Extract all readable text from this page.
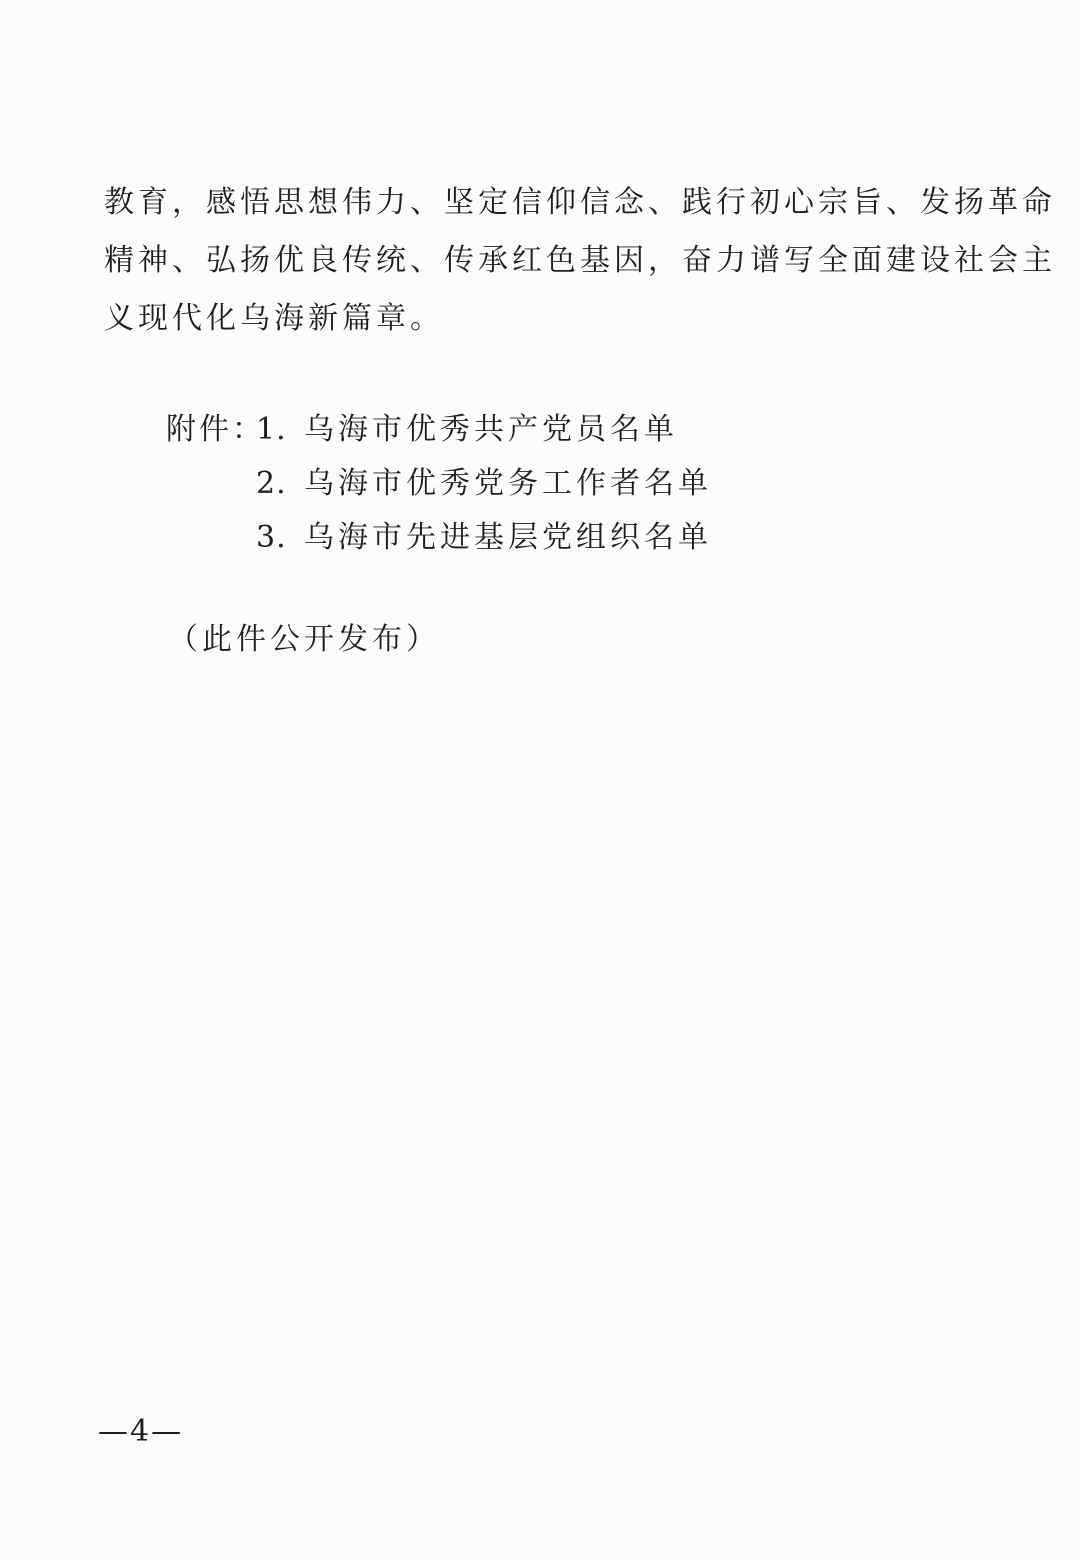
教育，感悟思想伟力、坚定信仰信念、践行初心宗旨、发扬革命
精神、弘扬优良传统、传承红色基因，奋力谱写全面建设社会主
义现代化乌海新篇章。
附件：
1. 乌海市优秀共产党员名单
2. 乌海市优秀党务工作者名单
3. 乌海市先进基层党组织名单
（此件公开发布）
—4—
